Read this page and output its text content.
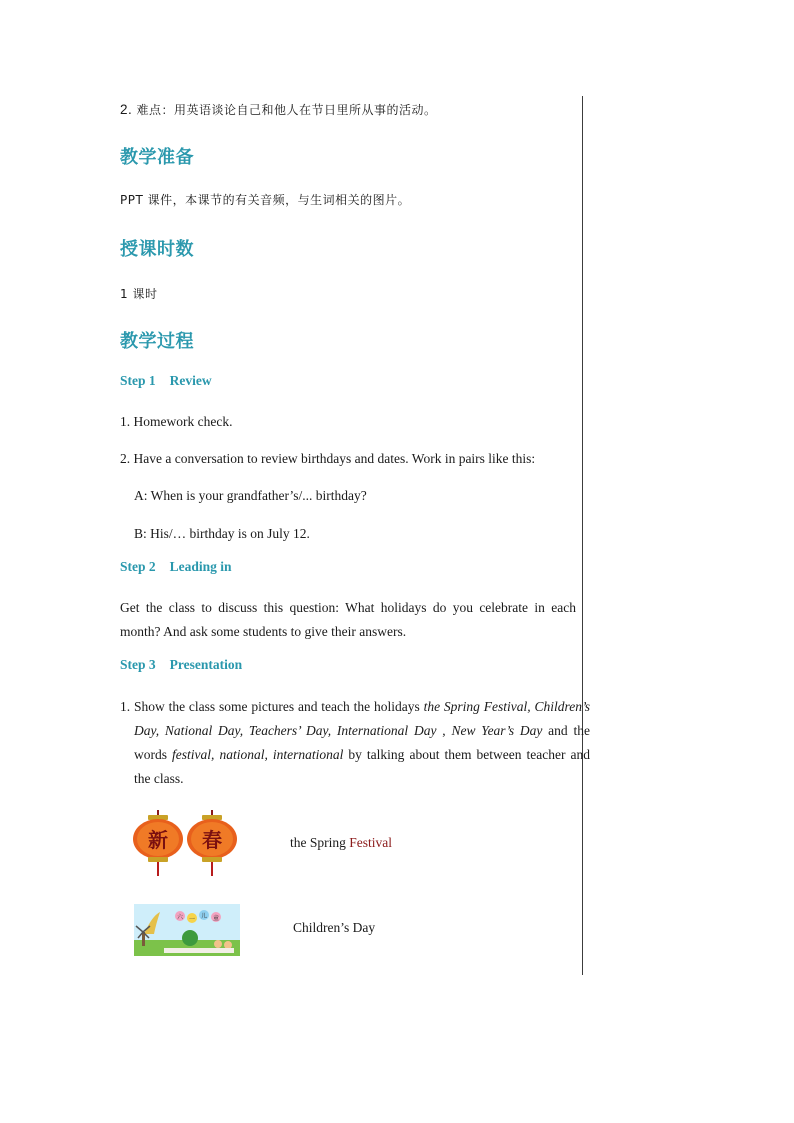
2. 难点：用英语谈论自己和他人在节日里所从事的活动。
教学准备
PPT 课件，本课节的有关音频，与生词相关的图片。
授课时数
1 课时
教学过程
Step 1 Review
1. Homework check.
2. Have a conversation to review birthdays and dates. Work in pairs like this:
A: When is your grandfather’s/... birthday?
B: His/… birthday is on July 12.
Step 2 Leading in
Get the class to discuss this question: What holidays do you celebrate in each month? And ask some students to give their answers.
Step 3 Presentation
1. Show the class some pictures and teach the holidays the Spring Festival, Children’s Day, National Day, Teachers’ Day, International Day , New Year’s Day and the words festival, national, international by talking about them between teacher and the class.
新 春	the Spring Festival
六 一 儿 童
Children’s Day
